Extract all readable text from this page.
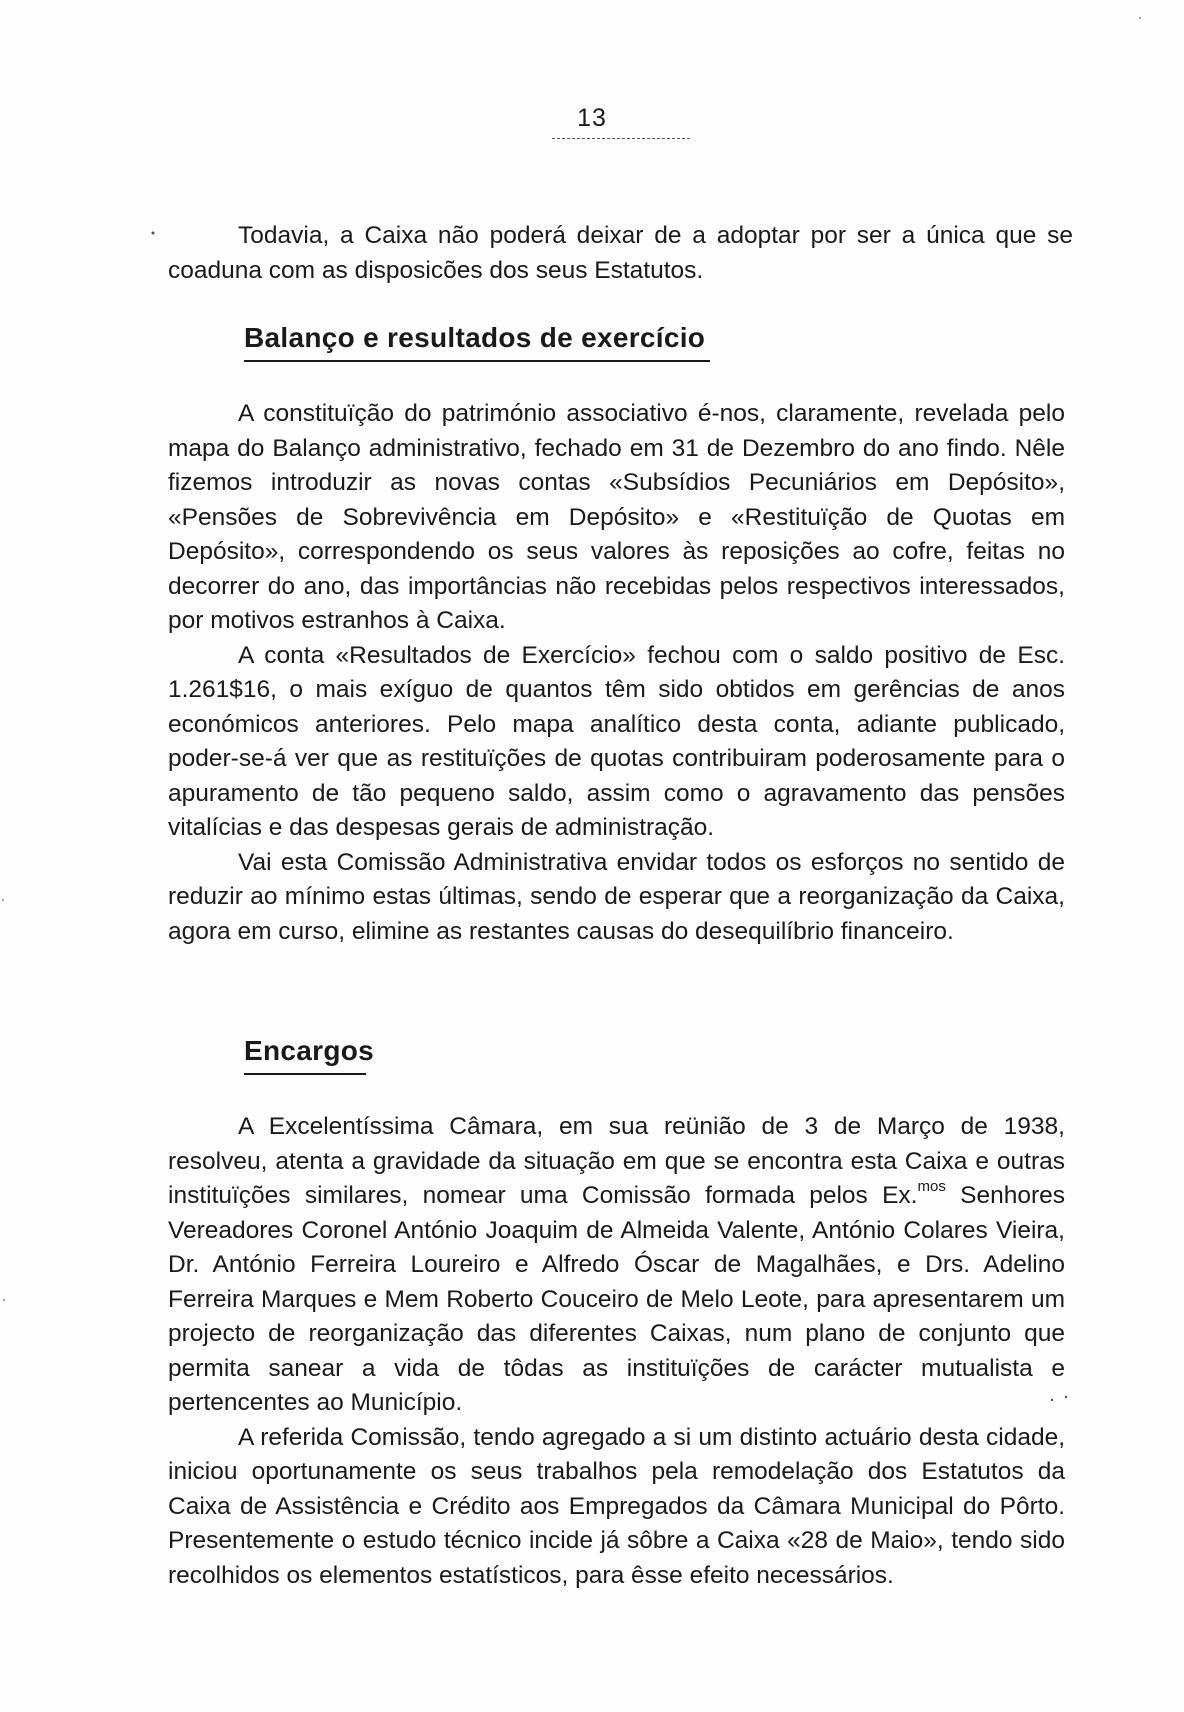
13

Todavia, a Caixa não poderá deixar de a adoptar por ser a única que se coaduna com as disposicões dos seus Estatutos.

Balanço e resultados de exercício

A constituïção do património associativo é-nos, claramente, revelada pelo mapa do Balanço administrativo, fechado em 31 de Dezembro do ano findo. Nêle fizemos introduzir as novas contas «Subsídios Pecuniários em Depósito», «Pensões de Sobrevivência em Depósito» e «Restituïção de Quotas em Depósito», correspondendo os seus valores às reposições ao cofre, feitas no decorrer do ano, das importâncias não recebidas pelos respectivos interessados, por motivos estranhos à Caixa.

A conta «Resultados de Exercício» fechou com o saldo positivo de Esc. 1.261$16, o mais exíguo de quantos têm sido obtidos em gerências de anos económicos anteriores. Pelo mapa analítico desta conta, adiante publicado, poder-se-á ver que as restituïções de quotas contribuiram poderosamente para o apuramento de tão pequeno saldo, assim como o agravamento das pensões vitalícias e das despesas gerais de administração.

Vai esta Comissão Administrativa envidar todos os esforços no sentido de reduzir ao mínimo estas últimas, sendo de esperar que a reorganização da Caixa, agora em curso, elimine as restantes causas do desequilíbrio financeiro.

Encargos

A Excelentíssima Câmara, em sua reünião de 3 de Março de 1938, resolveu, atenta a gravidade da situação em que se encontra esta Caixa e outras instituïções similares, nomear uma Comissão formada pelos Ex.$^{mos}$ Senhores Vereadores Coronel António Joaquim de Almeida Valente, António Colares Vieira, Dr. António Ferreira Loureiro e Alfredo Óscar de Magalhães, e Drs. Adelino Ferreira Marques e Mem Roberto Couceiro de Melo Leote, para apresentarem um projecto de reorganização das diferentes Caixas, num plano de conjunto que permita sanear a vida de tôdas as instituïções de carácter mutualista e pertencentes ao Município.

A referida Comissão, tendo agregado a si um distinto actuário desta cidade, iniciou oportunamente os seus trabalhos pela remodelação dos Estatutos da Caixa de Assistência e Crédito aos Empregados da Câmara Municipal do Pôrto. Presentemente o estudo técnico incide já sôbre a Caixa «28 de Maio», tendo sido recolhidos os elementos estatísticos, para êsse efeito necessários.
